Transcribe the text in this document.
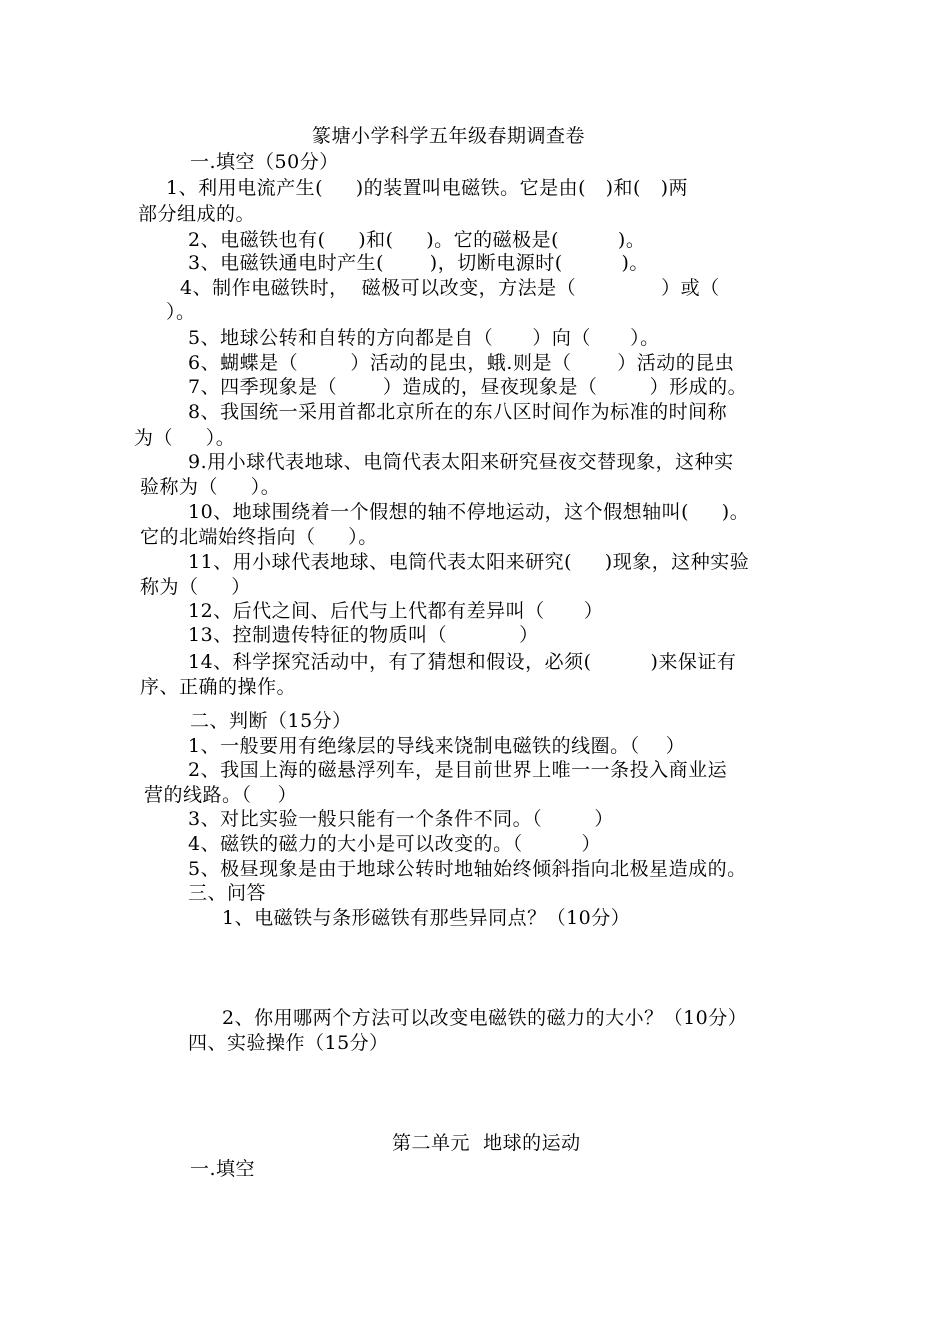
篆塘小学科学五年级春期调查卷
一.填空（50分）
1、利用电流产生(     )的装置叫电磁铁。它是由(   )和(   )两
部分组成的。
2、电磁铁也有(     )和(     )。它的磁极是(         )。
3、电磁铁通电时产生(       )，切断电源时(         )。
4、制作电磁铁时，  磁极可以改变，方法是（             ）或（
）。
5、地球公转和自转的方向都是自（      ）向（      ）。
6、蝴蝶是（        ）活动的昆虫，蛾.则是（       ）活动的昆虫
7、四季现象是（       ）造成的，昼夜现象是（        ）形成的。
8、我国统一采用首都北京所在的东八区时间作为标准的时间称
为（     ）。
9.用小球代表地球、电筒代表太阳来研究昼夜交替现象，这种实
验称为（     ）。
10、地球围绕着一个假想的轴不停地运动，这个假想轴叫(     )。
它的北端始终指向（     ）。
11、用小球代表地球、电筒代表太阳来研究(     )现象，这种实验
称为（     ）
12、后代之间、后代与上代都有差异叫（      ）
13、控制遗传特征的物质叫（           ）
14、科学探究活动中，有了猜想和假设，必须(         )来保证有
序、正确的操作。
二、判断（15分）
1、一般要用有绝缘层的导线来饶制电磁铁的线圈。（    ）
2、我国上海的磁悬浮列车，是目前世界上唯一一条投入商业运
营的线路。（    ）
3、对比实验一般只能有一个条件不同。（        ）
4、磁铁的磁力的大小是可以改变的。（         ）
5、极昼现象是由于地球公转时地轴始终倾斜指向北极星造成的。
三、问答
1、电磁铁与条形磁铁有那些异同点？（10分）
2、你用哪两个方法可以改变电磁铁的磁力的大小？（10分）
四、实验操作（15分）
第二单元  地球的运动
一.填空
